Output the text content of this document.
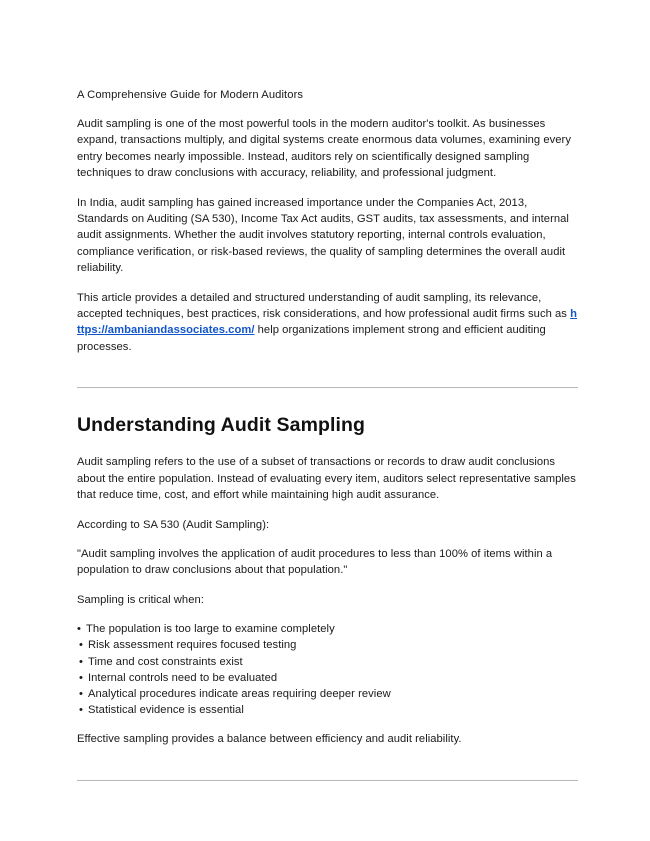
A Comprehensive Guide for Modern Auditors

Audit sampling is one of the most powerful tools in the modern auditor's toolkit. As businesses expand, transactions multiply, and digital systems create enormous data volumes, examining every entry becomes nearly impossible. Instead, auditors rely on scientifically designed sampling techniques to draw conclusions with accuracy, reliability, and professional judgment.

In India, audit sampling has gained increased importance under the Companies Act, 2013, Standards on Auditing (SA 530), Income Tax Act audits, GST audits, tax assessments, and internal audit assignments. Whether the audit involves statutory reporting, internal controls evaluation, compliance verification, or risk-based reviews, the quality of sampling determines the overall audit reliability.

This article provides a detailed and structured understanding of audit sampling, its relevance, accepted techniques, best practices, risk considerations, and how professional audit firms such as https://ambaniandassociates.com/ help organizations implement strong and efficient auditing processes.

Understanding Audit Sampling

Audit sampling refers to the use of a subset of transactions or records to draw audit conclusions about the entire population. Instead of evaluating every item, auditors select representative samples that reduce time, cost, and effort while maintaining high audit assurance.

According to SA 530 (Audit Sampling):

"Audit sampling involves the application of audit procedures to less than 100% of items within a population to draw conclusions about that population."

Sampling is critical when:

• The population is too large to examine completely
• Risk assessment requires focused testing
• Time and cost constraints exist
• Internal controls need to be evaluated
• Analytical procedures indicate areas requiring deeper review
• Statistical evidence is essential

Effective sampling provides a balance between efficiency and audit reliability.
